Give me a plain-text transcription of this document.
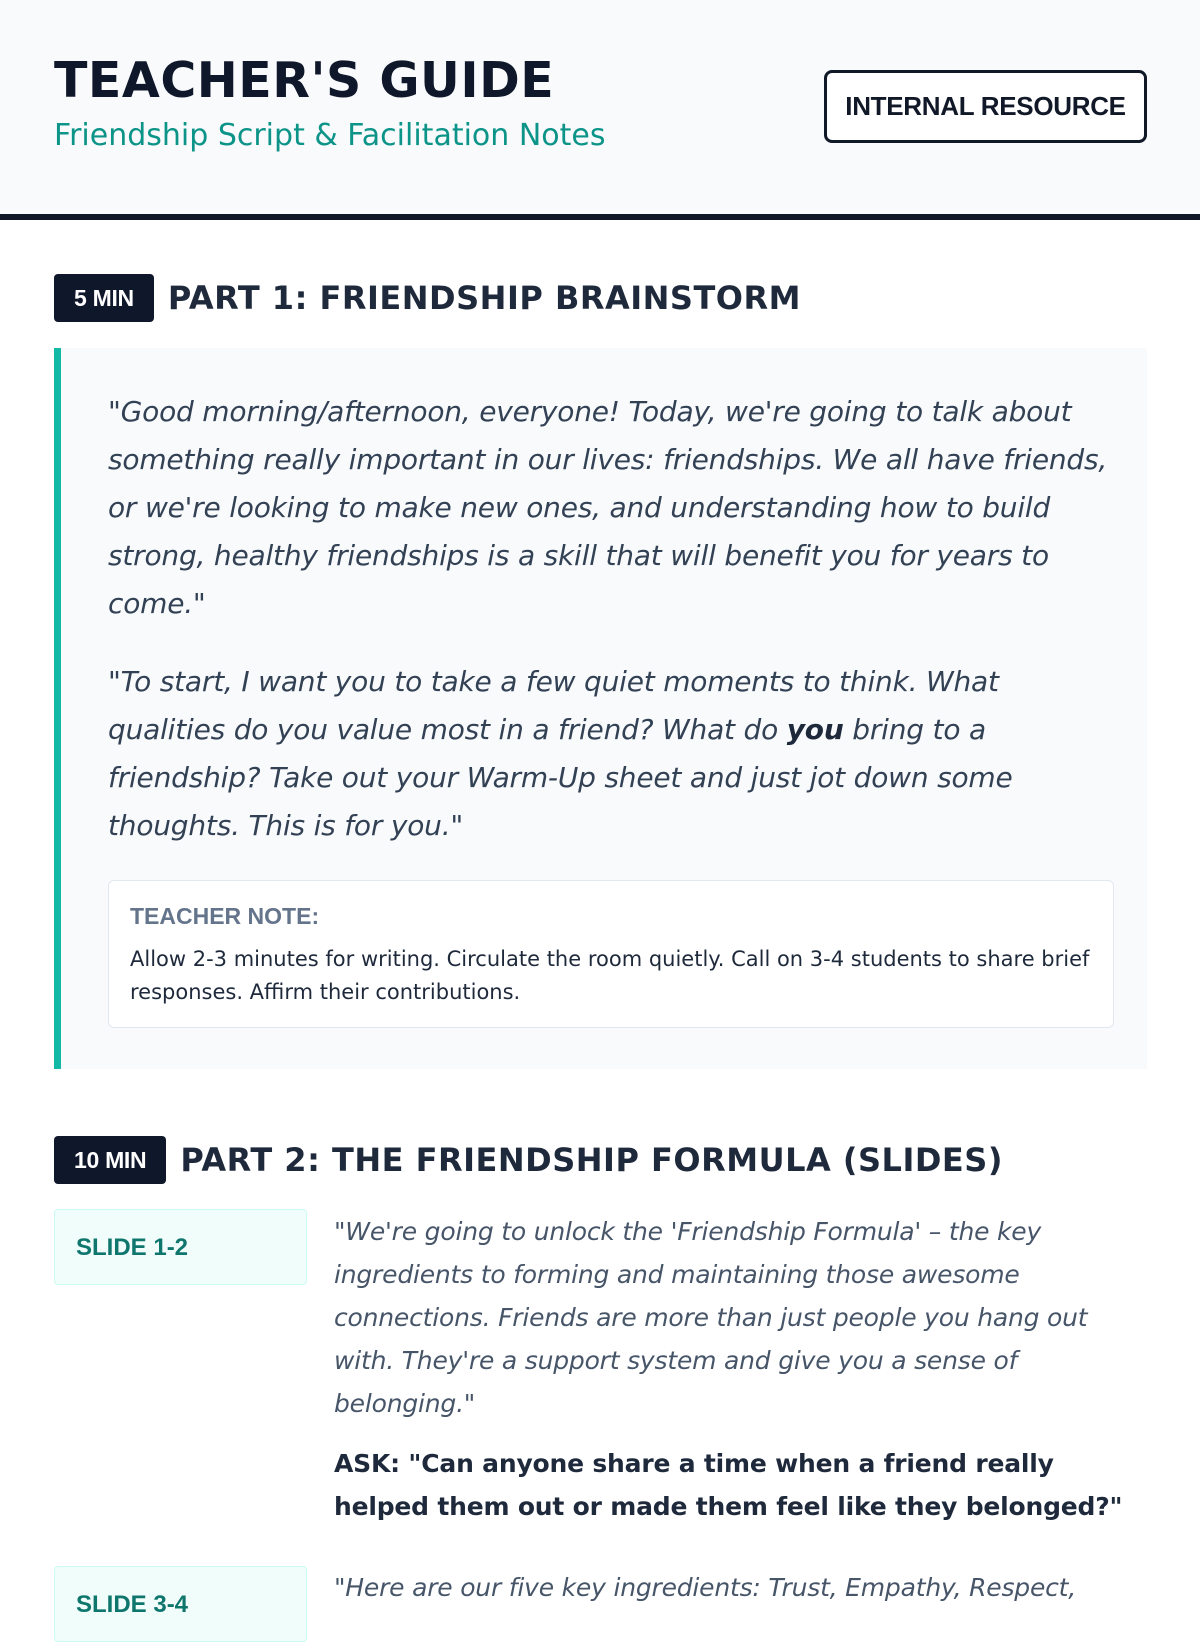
TEACHER'S GUIDE
Friendship Script & Facilitation Notes
INTERNAL RESOURCE
5 MIN	PART 1: FRIENDSHIP BRAINSTORM

"Good morning/afternoon, everyone! Today, we're going to talk about something really important in our lives: friendships. We all have friends, or we're looking to make new ones, and understanding how to build strong, healthy friendships is a skill that will benefit you for years to come."

"To start, I want you to take a few quiet moments to think. What qualities do you value most in a friend? What do you bring to a friendship? Take out your Warm-Up sheet and just jot down some thoughts. This is for you."

TEACHER NOTE:
Allow 2-3 minutes for writing. Circulate the room quietly. Call on 3-4 students to share brief responses. Affirm their contributions.
10 MIN	PART 2: THE FRIENDSHIP FORMULA (SLIDES)
SLIDE 1-2

"We're going to unlock the 'Friendship Formula' – the key ingredients to forming and maintaining those awesome connections. Friends are more than just people you hang out with. They're a support system and give you a sense of belonging."

ASK: "Can anyone share a time when a friend really helped them out or made them feel like they belonged?"

SLIDE 3-4

"Here are our five key ingredients: Trust, Empathy, Respect,
